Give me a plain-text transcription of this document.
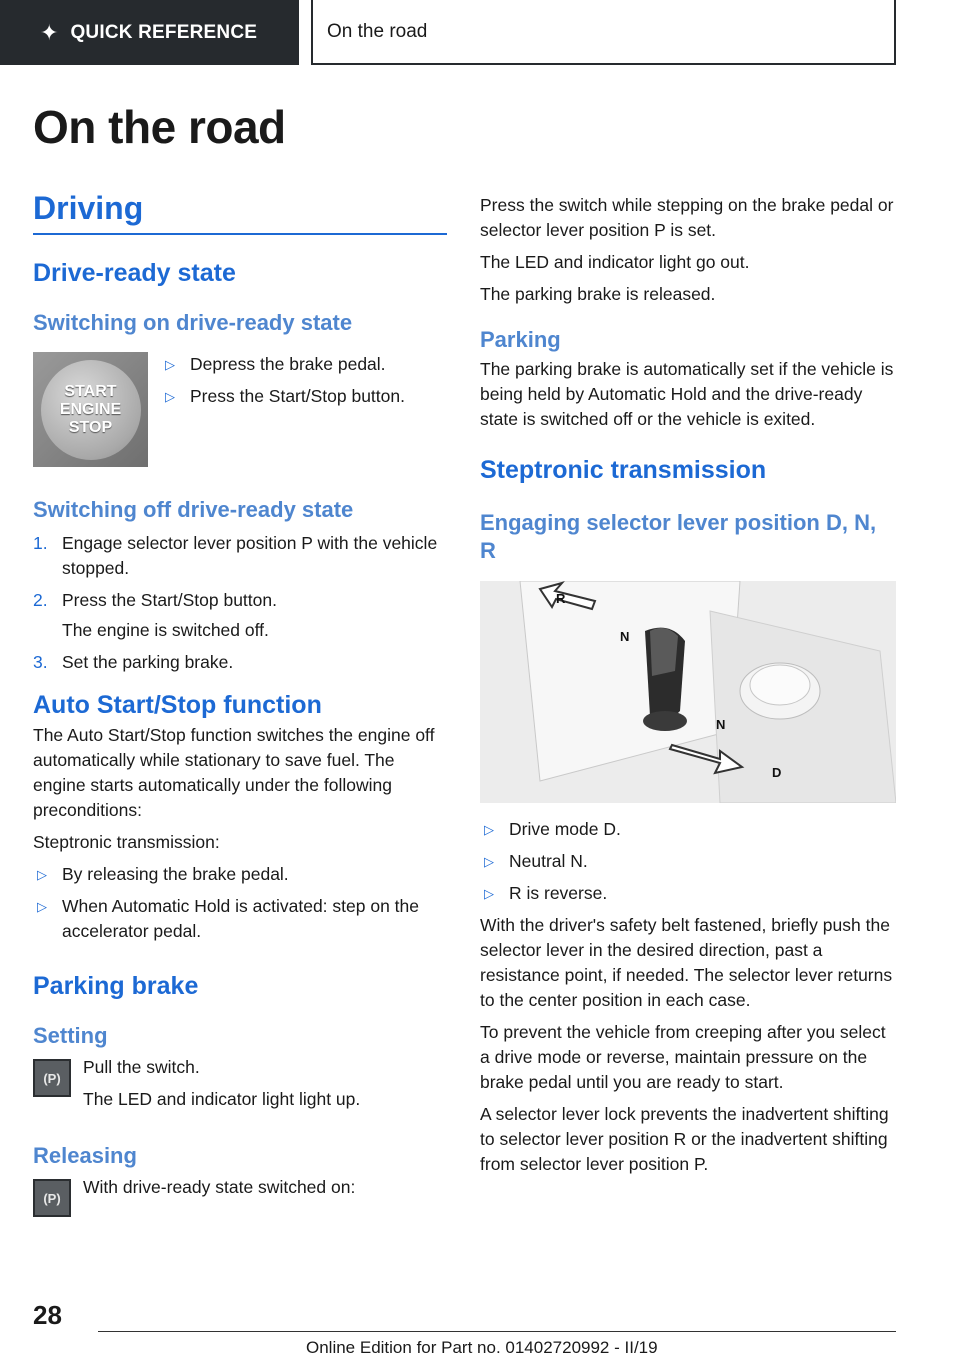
✦ QUICK REFERENCE	On the road
On the road
Driving
Drive-ready state
Switching on drive-ready state
START
ENGINE
STOP
▷ Depress the brake pedal.
▷ Press the Start/Stop button.
Switching off drive-ready state
1. Engage selector lever position P with the vehicle stopped.
2. Press the Start/Stop button.

The engine is switched off.

3. Set the parking brake.
Auto Start/Stop function

The Auto Start/Stop function switches the engine off automatically while stationary to save fuel. The engine starts automatically under the following preconditions:

Steptronic transmission:

▷ By releasing the brake pedal.
▷ When Automatic Hold is activated: step on the accelerator pedal.
Parking brake
Setting
(P)

Pull the switch.

The LED and indicator light light up.

Releasing
(P)

With drive-ready state switched on:

Press the switch while stepping on the brake pedal or selector lever position P is set.

The LED and indicator light go out.

The parking brake is released.

Parking

The parking brake is automatically set if the vehicle is being held by Automatic Hold and the drive-ready state is switched off or the vehicle is exited.

Steptronic transmission
Engaging selector lever position D, N, R
R
N
N
D
▷ Drive mode D.
▷ Neutral N.
▷ R is reverse.

With the driver's safety belt fastened, briefly push the selector lever in the desired direction, past a resistance point, if needed. The selector lever returns to the center position in each case.

To prevent the vehicle from creeping after you select a drive mode or reverse, maintain pressure on the brake pedal until you are ready to start.

A selector lever lock prevents the inadvertent shifting to selector lever position R or the inadvertent shifting from selector lever position P.

28
Online Edition for Part no. 01402720992 - II/19
